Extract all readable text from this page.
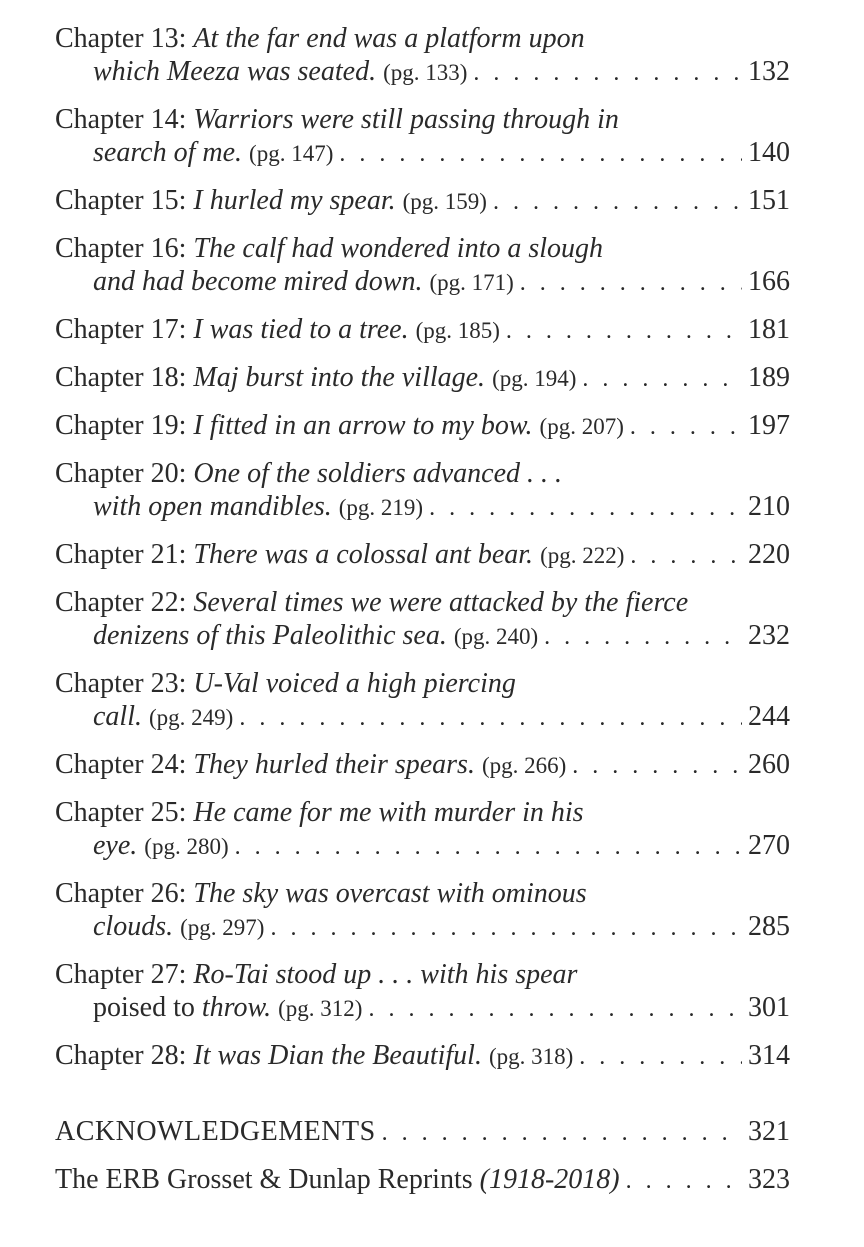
Chapter 13: At the far end was a platform upon
which Meeza was seated.
(pg. 133) . . .	132
Chapter 14: Warriors were still passing through in
search of me.
(pg. 147) . . .	140
Chapter 15:
I hurled my spear.
(pg. 159) . . .	151
Chapter 16: The calf had wondered into a slough
and had become mired down.
(pg. 171) . . .	166
Chapter 17:
I was tied to a tree.
(pg. 185) . . .	181
Chapter 18:
Maj burst into the village.
(pg. 194) . . .	189
Chapter 19:
I fitted in an arrow to my bow.
(pg. 207) . . .	197
Chapter 20: One of the soldiers advanced . . .
with open mandibles.
(pg. 219) . . .	210
Chapter 21:
There was a colossal ant bear.
(pg. 222) . . .	220
Chapter 22: Several times we were attacked by the fierce
denizens of this Paleolithic sea.
(pg. 240) . . .	232
Chapter 23: U-Val voiced a high piercing
call.
(pg. 249) . . .	244
Chapter 24:
They hurled their spears.
(pg. 266) . . .	260
Chapter 25: He came for me with murder in his
eye.
(pg. 280) . . .	270
Chapter 26: The sky was overcast with ominous
clouds.
(pg. 297) . . .	285
Chapter 27: Ro-Tai stood up . . . with his spear
poised to
throw.
(pg. 312) . . .	301
Chapter 28:
It was Dian the Beautiful.
(pg. 318) . . .	314
ACKNOWLEDGEMENTS . . .	321
The ERB Grosset & Dunlap Reprints
(1918-2018) . . .	323
